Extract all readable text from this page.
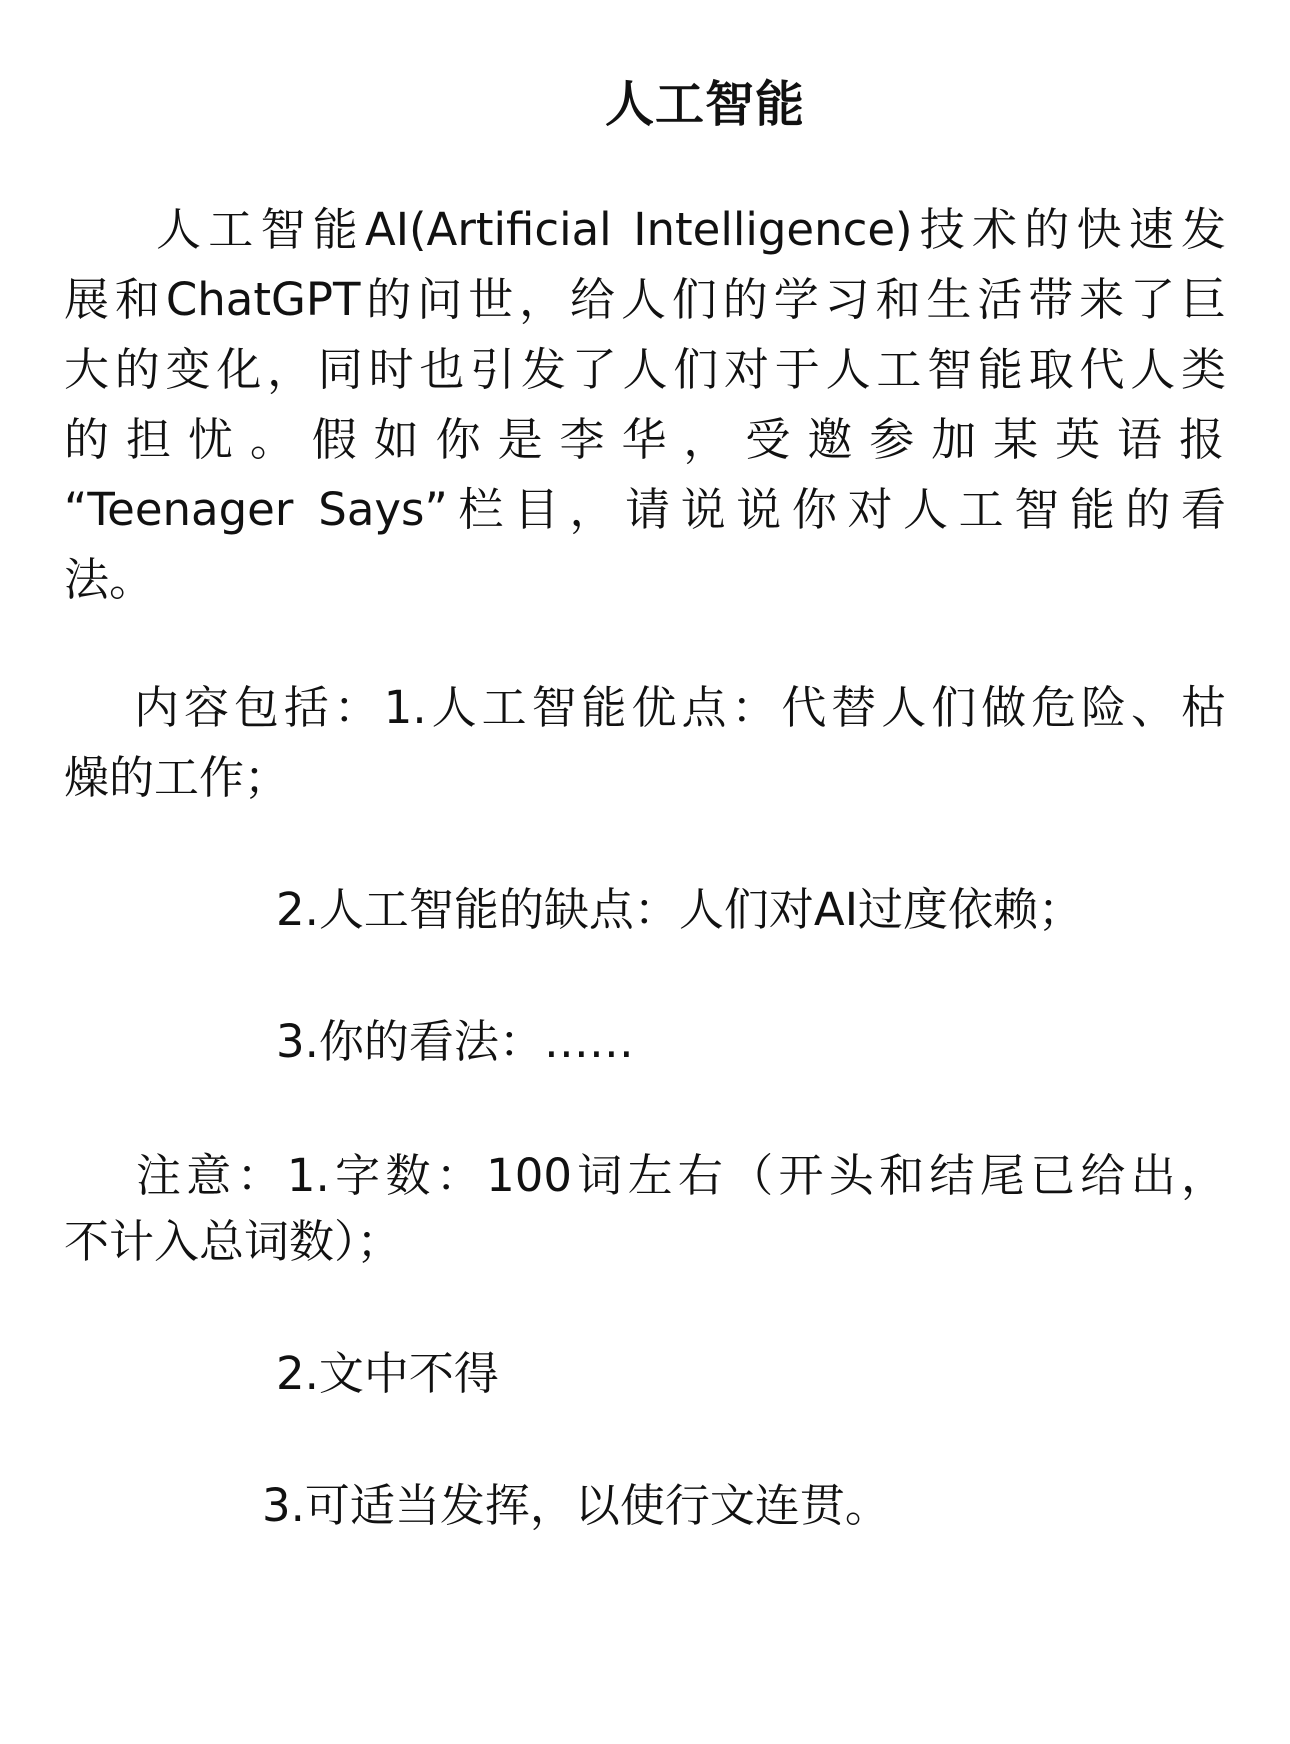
人工智能
人工智能AI(Artificial Intelligence)技术的快速发
展和ChatGPT的问世，给人们的学习和生活带来了巨
大的变化，同时也引发了人们对于人工智能取代人类
的担忧。假如你是李华，受邀参加某英语报
“Teenager Says”栏目，请说说你对人工智能的看
法。
内容包括：1.人工智能优点：代替人们做危险、枯
燥的工作；
2.人工智能的缺点：人们对AI过度依赖；
3.你的看法：……
注意：1.字数：100词左右（开头和结尾已给出，
不计入总词数）；
2.文中不得
3.可适当发挥，以使行文连贯。
